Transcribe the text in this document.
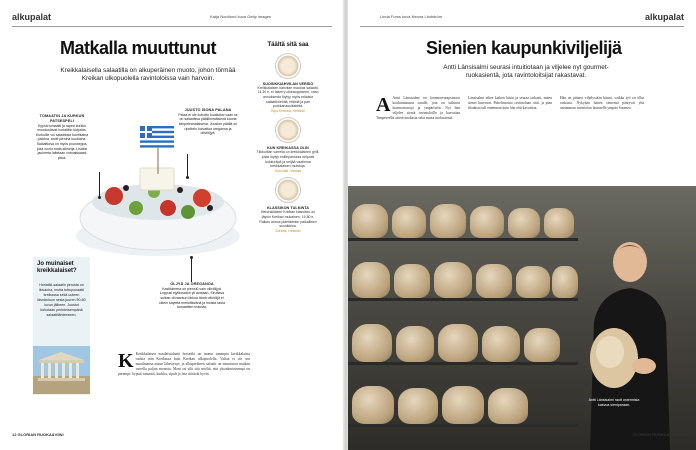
alkupalat	Katja Nordlund kuva Getty Images
Matkalla muuttunut
Kreikkalaisella salaatilla on alkuperäinen muoto, johon törmää Kreikan ulkopuolella ravintoloissa vain harvoin.
TOMAATIN JA KURKUN PATSESPELI
Kypsä tomaatti ja rapea kurkku muodostavat horiatikin kivijalan. Kurkuille voi saladiksia kuorikaina paloina, sivät pieninä kuutioina. Salaattiosa on myös puuoseppa, joka vuolu-mata-silmeija. Lisäksi jauheeta laitetaan voimakkaasti pitoa.
JUUSTO ISONA PALANA
Fetaa ei ole kohottu kuutioiksi vaan se on salaatissa pääillimmäisenä koona kimpeleanalaisena. Juuston päällä on ripottelu kuivattua oreganoa ja oliiviöljyä.
ÖLJYÄ JA OREGANOA
Kastikkeena on pienoiü vain oliiviöljyä. Loppusi ejyläosaton yli avataan. Siruttava suikan olivaarsun lärkoa tämä oliiviöljä ei oikein käytetä merkittävänä ja moista tauta tomaattien mausta.
Jo muinaiset kreikkalaiset?
Horiatiki-salaatin perusta on ikivanha, mutta tuttupuuaatti kreikassa sekä uuteen läsnäoloon nesta juuren 50-60 luvun jälkeen. Juustot kohotaan perinteisempänä salaattilähteeseen.
K Kreikkalaisen maalaissalaatti horiatiki on tuonut tummpia kreikkalaisia ruokia niin Kreikassa kuin Kreikan ulkopuolella. Valtaa ei ole sen maailmansa asuun lähestynyt, ja alkuperäinen salaatti on muuttunut matkan varrella paljon monista. Moni on silti sitä mieltä, että yksinkertaisempi on parempi: kypsät tomaatit, kurkku, sipuli ja feta riittävät hyvin.
Täältä sitä saa
SUOSIKKIAHVILAN VERSIO
Kreikkalaisen kahvilan maukas salaatti, 14,30 e, ei takerry oikeaoppiseen, vaan annoksesta löytyy myös erilaisia salaattinlehtiä, retiisiä ja pari porkkanasuikaletta.
Kipo Kreikka, Helsinki
KUN KREIKASSA OLIN
Tiikkurilan varrella on kreikkalainen grilli, josta löytyy esillepanossa helposti kukkuräpä ja neljää vaatimua kreikkalaisen muistoja.
Souvlaki, Vantaa
KLASSIKON TULKINTA
Helsinkiläisen Kreikan klassikko on täysin Kreikan mukainen, 19,80 e. Raikas annos pidetäänkin paikallisen suosikkina.
Zorbas, Helsinki
12 GLORIAN RUOKA&VIINI
Linda Forss kuva Neona Lindström	alkupalat
Sienien kaupunkiviljelijä
Antti Länsisalmi seurasi intuitiotaan ja viljelee nyt gourmet-ruokasientä, jota ravintoloitsijat rakastavat.
A Antti Länsisalmi on luonnonvarapsinoon kouluttautunut saralle, jota on tutkinut luonnonvaroja ja ympäristöä. Nyt hän viljelee sieniä ravintoloille ja kasvattaa Tampereella osterivinokasta sekä muita ruokasieniä.
Länsisalmi tekee kaiken käsin ja seuraa tarkasti, miten sienet kasvavat. Puhelinsoitto ravintolaan riitti, ja pian tilauksia tuli enemmän kuin hän ehti kasvattaa.
Hän on pitänyt viljelystään kiinni, vaikka työ on ollut raskasta. Nykyään hänen sienensä päätyvät yhä useamman ravintolan lautaselle ympäri Suomea.
Antti Länsisalmi rautt ostermisia kasvua sieniparaan.
GLORIAN RUOKA&VIINI 13
